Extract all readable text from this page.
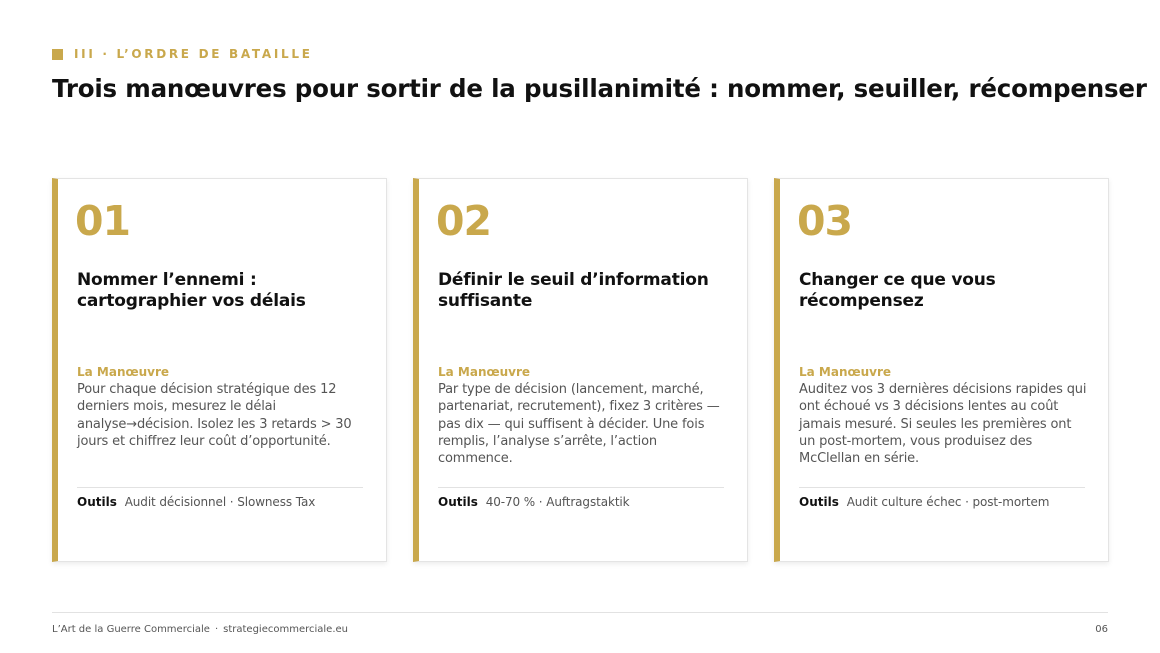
III · L’ORDRE DE BATAILLE
Trois manœuvres pour sortir de la pusillanimité : nommer, seuiller, récompenser
01
Nommer l’ennemi : cartographier vos délais
La Manœuvre
Pour chaque décision stratégique des 12 derniers mois, mesurez le délai analyse→décision. Isolez les 3 retards > 30 jours et chiffrez leur coût d’opportunité.
Outils Audit décisionnel · Slowness Tax
02
Définir le seuil d’information suffisante
La Manœuvre
Par type de décision (lancement, marché, partenariat, recrutement), fixez 3 critères — pas dix — qui suffisent à décider. Une fois remplis, l’analyse s’arrête, l’action commence.
Outils 40-70 % · Auftragstaktik
03
Changer ce que vous récompensez
La Manœuvre
Auditez vos 3 dernières décisions rapides qui ont échoué vs 3 décisions lentes au coût jamais mesuré. Si seules les premières ont un post-mortem, vous produisez des McClellan en série.
Outils Audit culture échec · post-mortem
L’Art de la Guerre Commerciale · strategiecommerciale.eu	06
